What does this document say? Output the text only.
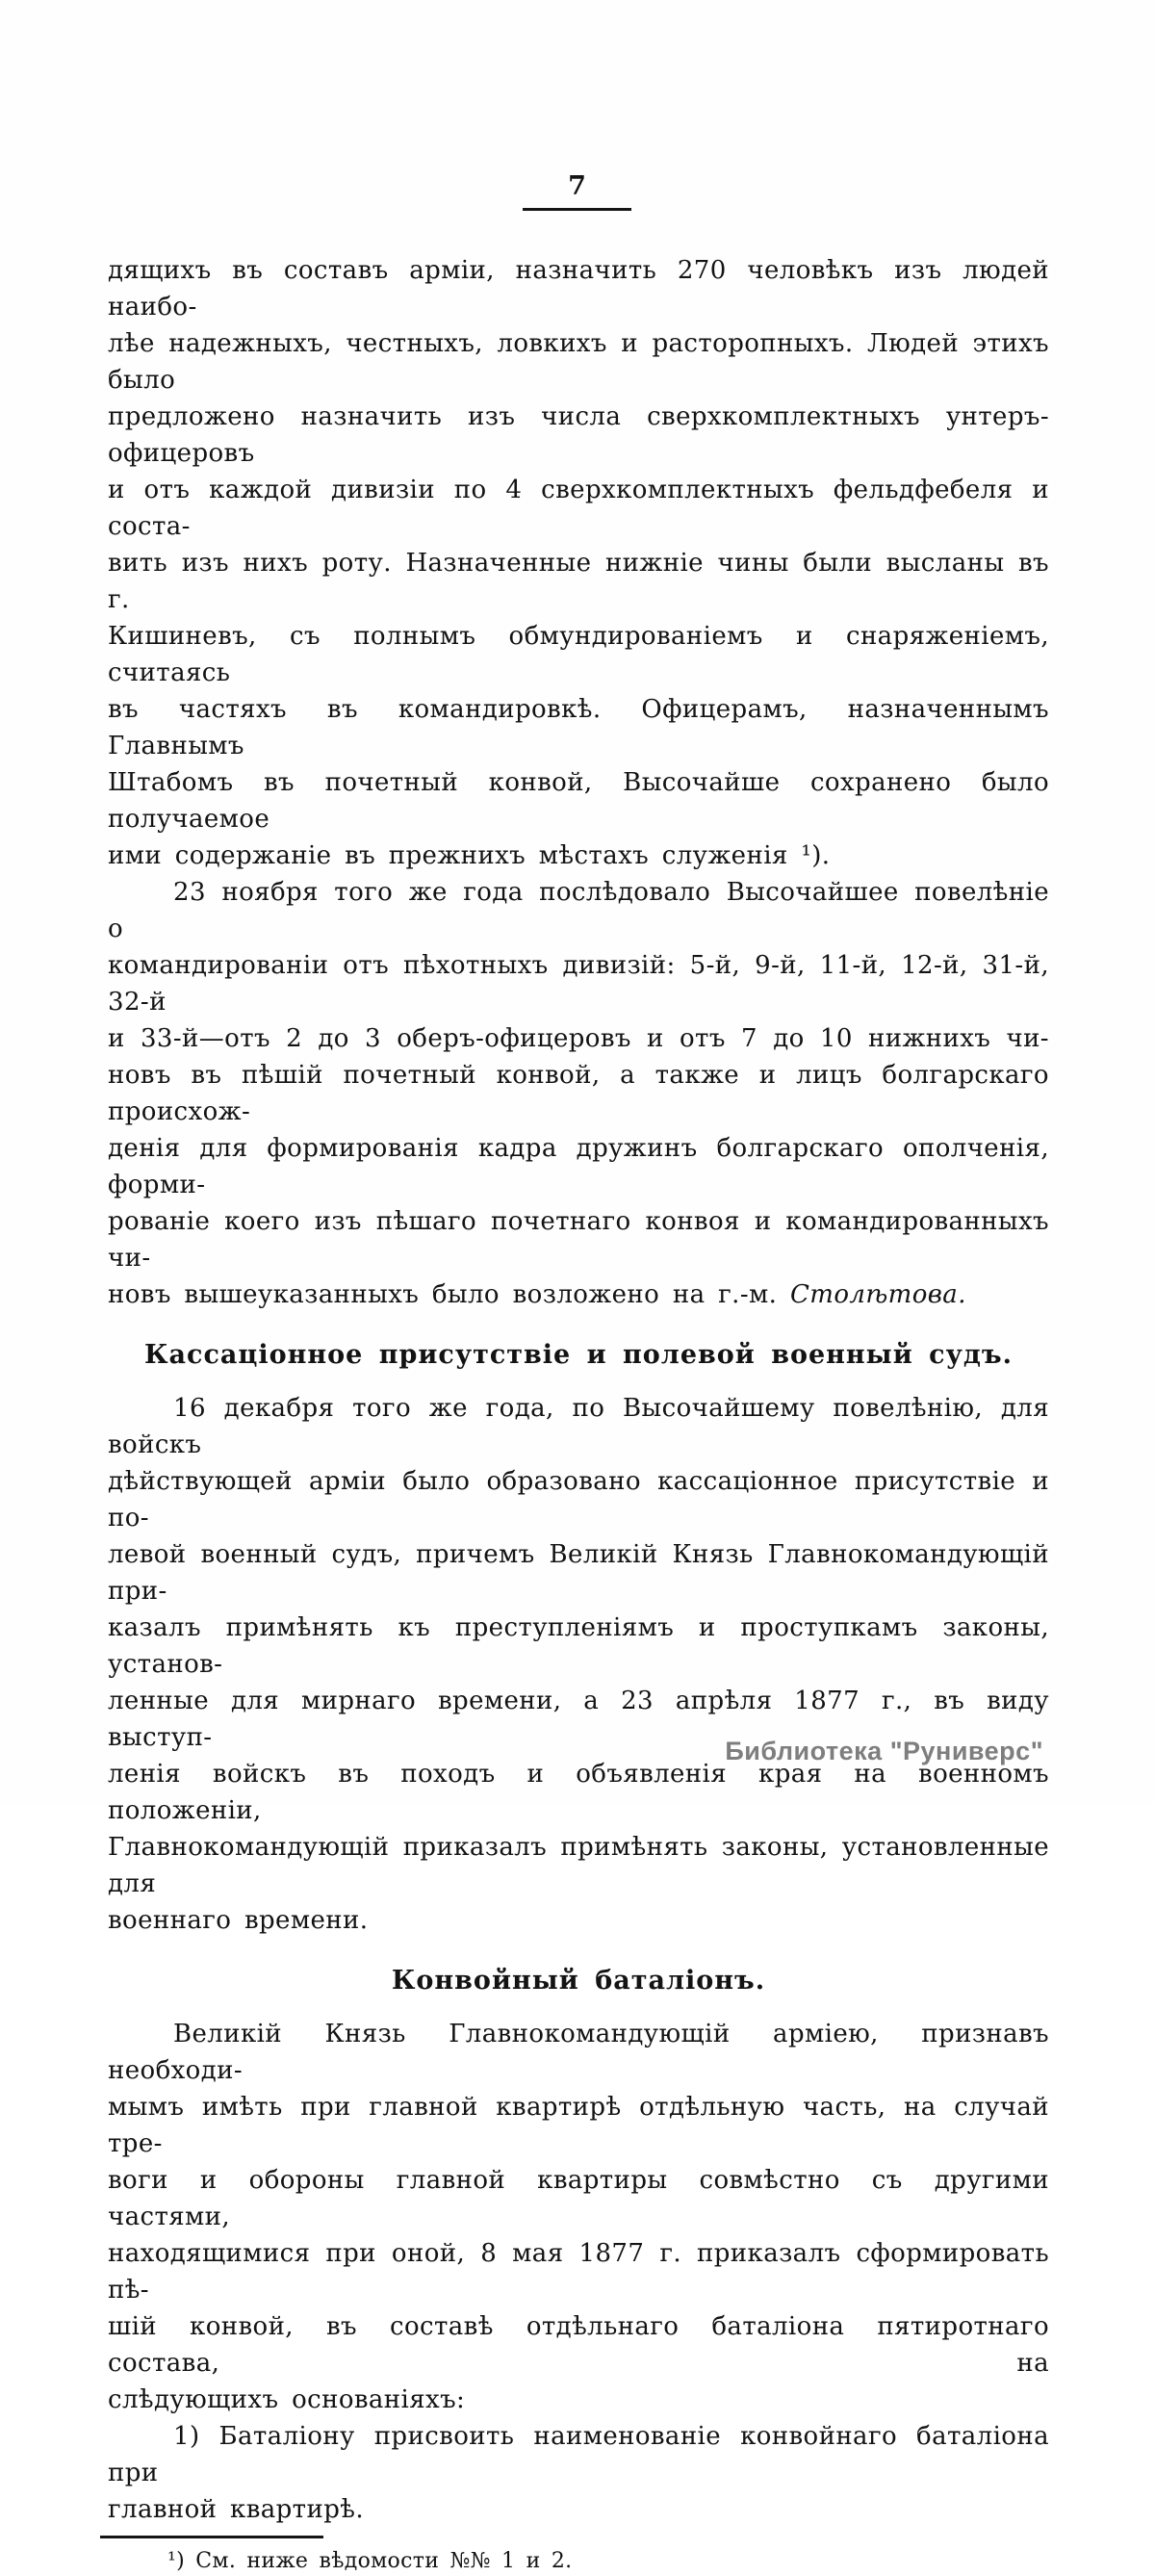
7
дящихъ въ составъ арміи, назначить 270 человѣкъ изъ людей наибо-
лѣе надежныхъ, честныхъ, ловкихъ и расторопныхъ. Людей этихъ было
предложено назначить изъ числа сверхкомплектныхъ унтеръ-офицеровъ
и отъ каждой дивизіи по 4 сверхкомплектныхъ фельдфебеля и соста-
вить изъ нихъ роту. Назначенные нижніе чины были высланы въ г.
Кишиневъ, съ полнымъ обмундированіемъ и снаряженіемъ, считаясь
въ частяхъ въ командировкѣ. Офицерамъ, назначеннымъ Главнымъ
Штабомъ въ почетный конвой, Высочайше сохранено было получаемое
ими содержаніе въ прежнихъ мѣстахъ служенія ¹).
23 ноября того же года послѣдовало Высочайшее повелѣніе о
командированіи отъ пѣхотныхъ дивизій: 5-й, 9-й, 11-й, 12-й, 31-й, 32-й
и 33-й—отъ 2 до 3 оберъ-офицеровъ и отъ 7 до 10 нижнихъ чи-
новъ въ пѣшій почетный конвой, а также и лицъ болгарскаго происхож-
денія для формированія кадра дружинъ болгарскаго ополченія, форми-
рованіе коего изъ пѣшаго почетнаго конвоя и командированныхъ чи-
новъ вышеуказанныхъ было возложено на г.-м. Столѣтова.
Кассаціонное присутствіе и полевой военный судъ.
16 декабря того же года, по Высочайшему повелѣнію, для войскъ
дѣйствующей арміи было образовано кассаціонное присутствіе и по-
левой военный судъ, причемъ Великій Князь Главнокомандующій при-
казалъ примѣнять къ преступленіямъ и проступкамъ законы, установ-
ленные для мирнаго времени, а 23 апрѣля 1877 г., въ виду выступ-
ленія войскъ въ походъ и объявленія края на военномъ положеніи,
Главнокомандующій приказалъ примѣнять законы, установленные для
военнаго времени.
Конвойный баталіонъ.
Великій Князь Главнокомандующій арміею, признавъ необходи-
мымъ имѣть при главной квартирѣ отдѣльную часть, на случай тре-
воги и обороны главной квартиры совмѣстно съ другими частями,
находящимися при оной, 8 мая 1877 г. приказалъ сформировать пѣ-
шій конвой, въ составѣ отдѣльнаго баталіона пятиротнаго состава, на
слѣдующихъ основаніяхъ:
1) Баталіону присвоить наименованіе конвойнаго баталіона при
главной квартирѣ.
¹) См. ниже вѣдомости №№ 1 и 2.
Библиотека "Руниверс"
